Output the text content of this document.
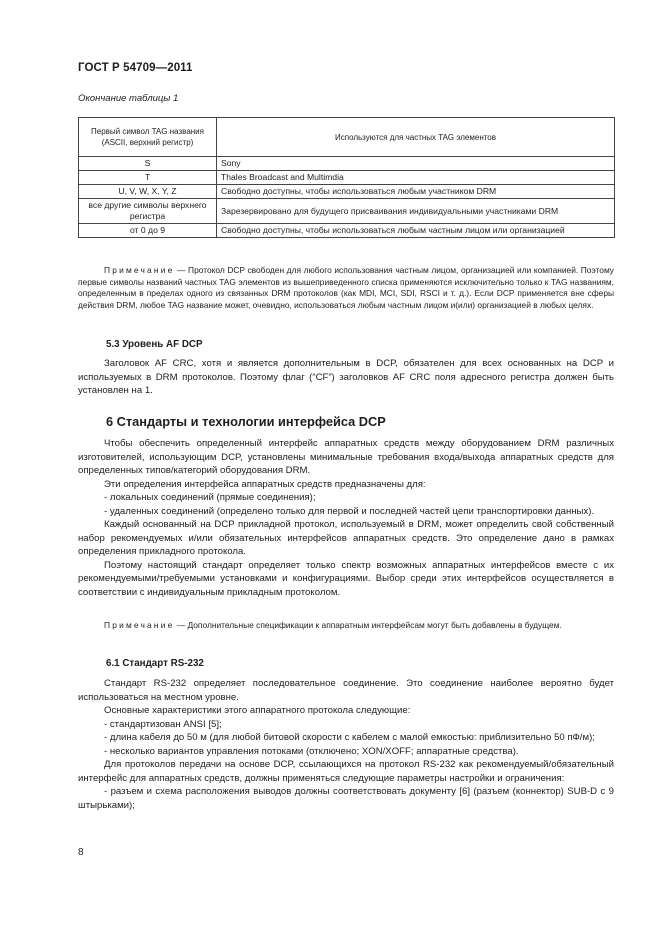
ГОСТ Р 54709—2011
Окончание таблицы 1
Первый символ TAG названия (ASCII, верхний регистр)	Используются для частных TAG элементов
S	Sony
T	Thales Broadcast and Multimdia
U, V, W, X, Y, Z	Свободно доступны, чтобы использоваться любым участником DRM
все другие символы верхнего регистра	Зарезервировано для будущего присваивания индивидуальными участниками DRM
от 0 до 9	Свободно доступны, чтобы использоваться любым частным лицом или организацией

Примечание — Протокол DCP свободен для любого использования частным лицом, организацией или компанией. Поэтому первые символы названий частных TAG элементов из вышеприведенного списка применяются исключительно только к TAG названиям, определенным в пределах одного из связанных DRM протоколов (как MDI, MCI, SDI, RSCI и т. д.). Если DCP применяется вне сферы действия DRM, любое TAG название может, очевидно, использоваться любым частным лицом и(или) организацией в любых целях.

5.3 Уровень AF DCP

Заголовок AF CRC, хотя и является дополнительным в DCP, обязателен для всех основанных на DCP и используемых в DRM протоколов. Поэтому флаг (“CF”) заголовков AF CRC поля адресного регистра должен быть установлен на 1.

6 Стандарты и технологии интерфейса DCP

Чтобы обеспечить определенный интерфейс аппаратных средств между оборудованием DRM различных изготовителей, использующим DCP, установлены минимальные требования входа/выхода аппаратных средств для определенных типов/категорий оборудования DRM.

Эти определения интерфейса аппаратных средств предназначены для:

- локальных соединений (прямые соединения);

- удаленных соединений (определено только для первой и последней частей цепи транспортировки данных).

Каждый основанный на DCP прикладной протокол, используемый в DRM, может определить свой собственный набор рекомендуемых и/или обязательных интерфейсов аппаратных средств. Это определение дано в рамках определения прикладного протокола.

Поэтому настоящий стандарт определяет только спектр возможных аппаратных интерфейсов вместе с их рекомендуемыми/требуемыми установками и конфигурациями. Выбор среди этих интерфейсов осуществляется в соответствии с индивидуальным прикладным протоколом.

Примечание — Дополнительные спецификации к аппаратным интерфейсам могут быть добавлены в будущем.

6.1 Стандарт RS-232

Стандарт RS-232 определяет последовательное соединение. Это соединение наиболее вероятно будет использоваться на местном уровне.

Основные характеристики этого аппаратного протокола следующие:

- стандартизован ANSI [5];

- длина кабеля до 50 м (для любой битовой скорости с кабелем с малой емкостью: приблизительно 50 пФ/м);

- несколько вариантов управления потоками (отключено; XON/XOFF; аппаратные средства).

Для протоколов передачи на основе DCP, ссылающихся на протокол RS-232 как рекомендуемый/обязательный интерфейс для аппаратных средств, должны применяться следующие параметры настройки и ограничения:

- разъем и схема расположения выводов должны соответствовать документу [6] (разъем (коннектор) SUB-D с 9 штырьками);

8
